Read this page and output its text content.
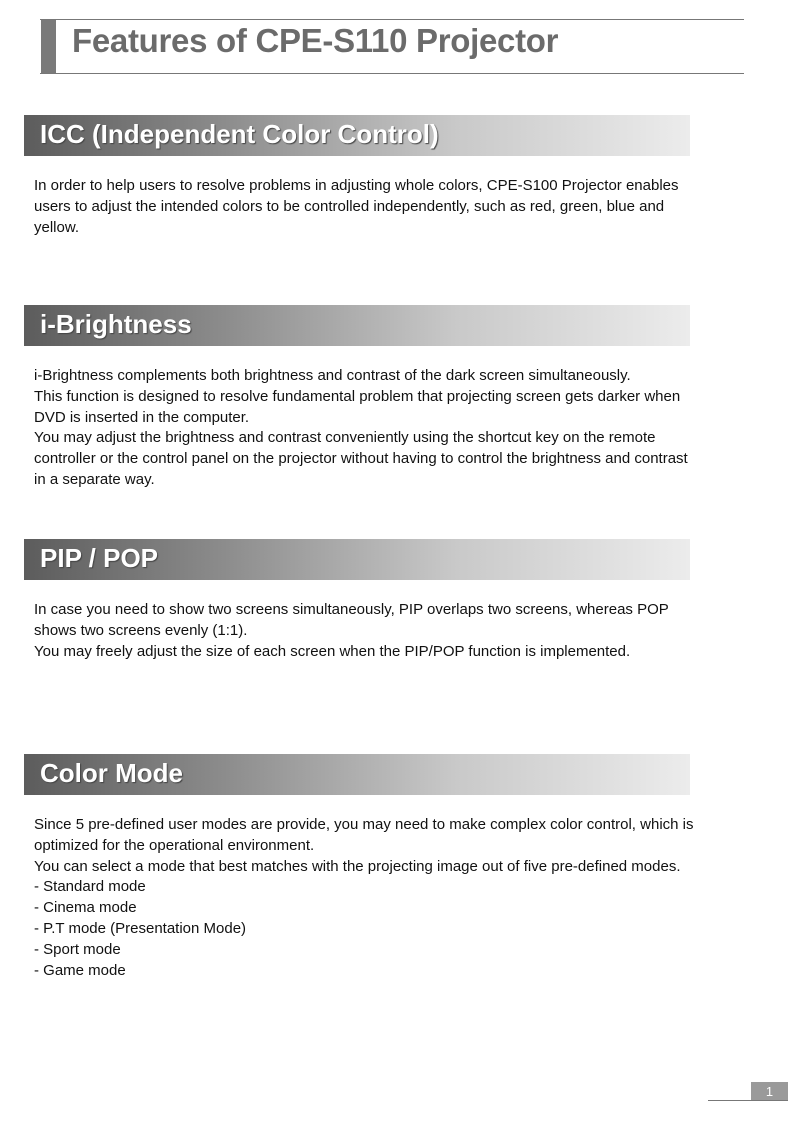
Features of CPE-S110 Projector
ICC (Independent Color Control)

In order to help users to resolve problems in adjusting whole colors, CPE-S100 Projector enables users to adjust the intended colors to be controlled independently, such as red, green, blue and yellow.

i-Brightness

i-Brightness complements both brightness and contrast of the dark screen simultaneously.

This function is designed to resolve fundamental problem that projecting screen gets darker when DVD is inserted in the computer.

You may adjust the brightness and contrast conveniently using the shortcut key on the remote controller or the control panel on the projector without having to control the brightness and contrast in a separate way.

PIP / POP

In case you need to show two screens simultaneously, PIP overlaps two screens, whereas POP shows two screens evenly (1:1).

You may freely adjust the size of each screen when the PIP/POP function is implemented.

Color Mode

Since 5 pre-defined user modes are provide, you may need to make complex color control, which is optimized for the operational environment.

You can select a mode that best matches with the projecting image out of five pre-defined modes.

- Standard mode

- Cinema mode

- P.T mode (Presentation Mode)

- Sport mode

- Game mode

1
